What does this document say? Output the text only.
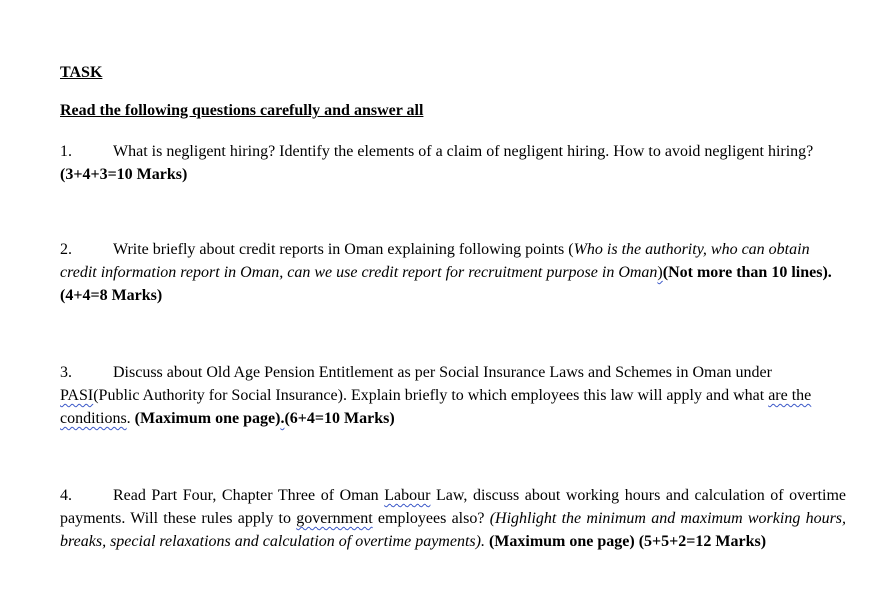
TASK

Read the following questions carefully and answer all

1.	What is negligent hiring? Identify the elements of a claim of negligent hiring. How to avoid negligent hiring? (3+4+3=10 Marks)

2.	Write briefly about credit reports in Oman explaining following points (Who is the authority, who can obtain credit information report in Oman, can we use credit report for recruitment purpose in Oman)(Not more than 10 lines).(4+4=8 Marks)

3.	Discuss about Old Age Pension Entitlement as per Social Insurance Laws and Schemes in Oman under PASI(Public Authority for Social Insurance). Explain briefly to which employees this law will apply and what are the conditions. (Maximum one page).(6+4=10 Marks)

4.	Read Part Four, Chapter Three of Oman Labour Law, discuss about working hours and calculation of overtime payments. Will these rules apply to government employees also? (Highlight the minimum and maximum working hours, breaks, special relaxations and calculation of overtime payments). (Maximum one page) (5+5+2=12 Marks)
